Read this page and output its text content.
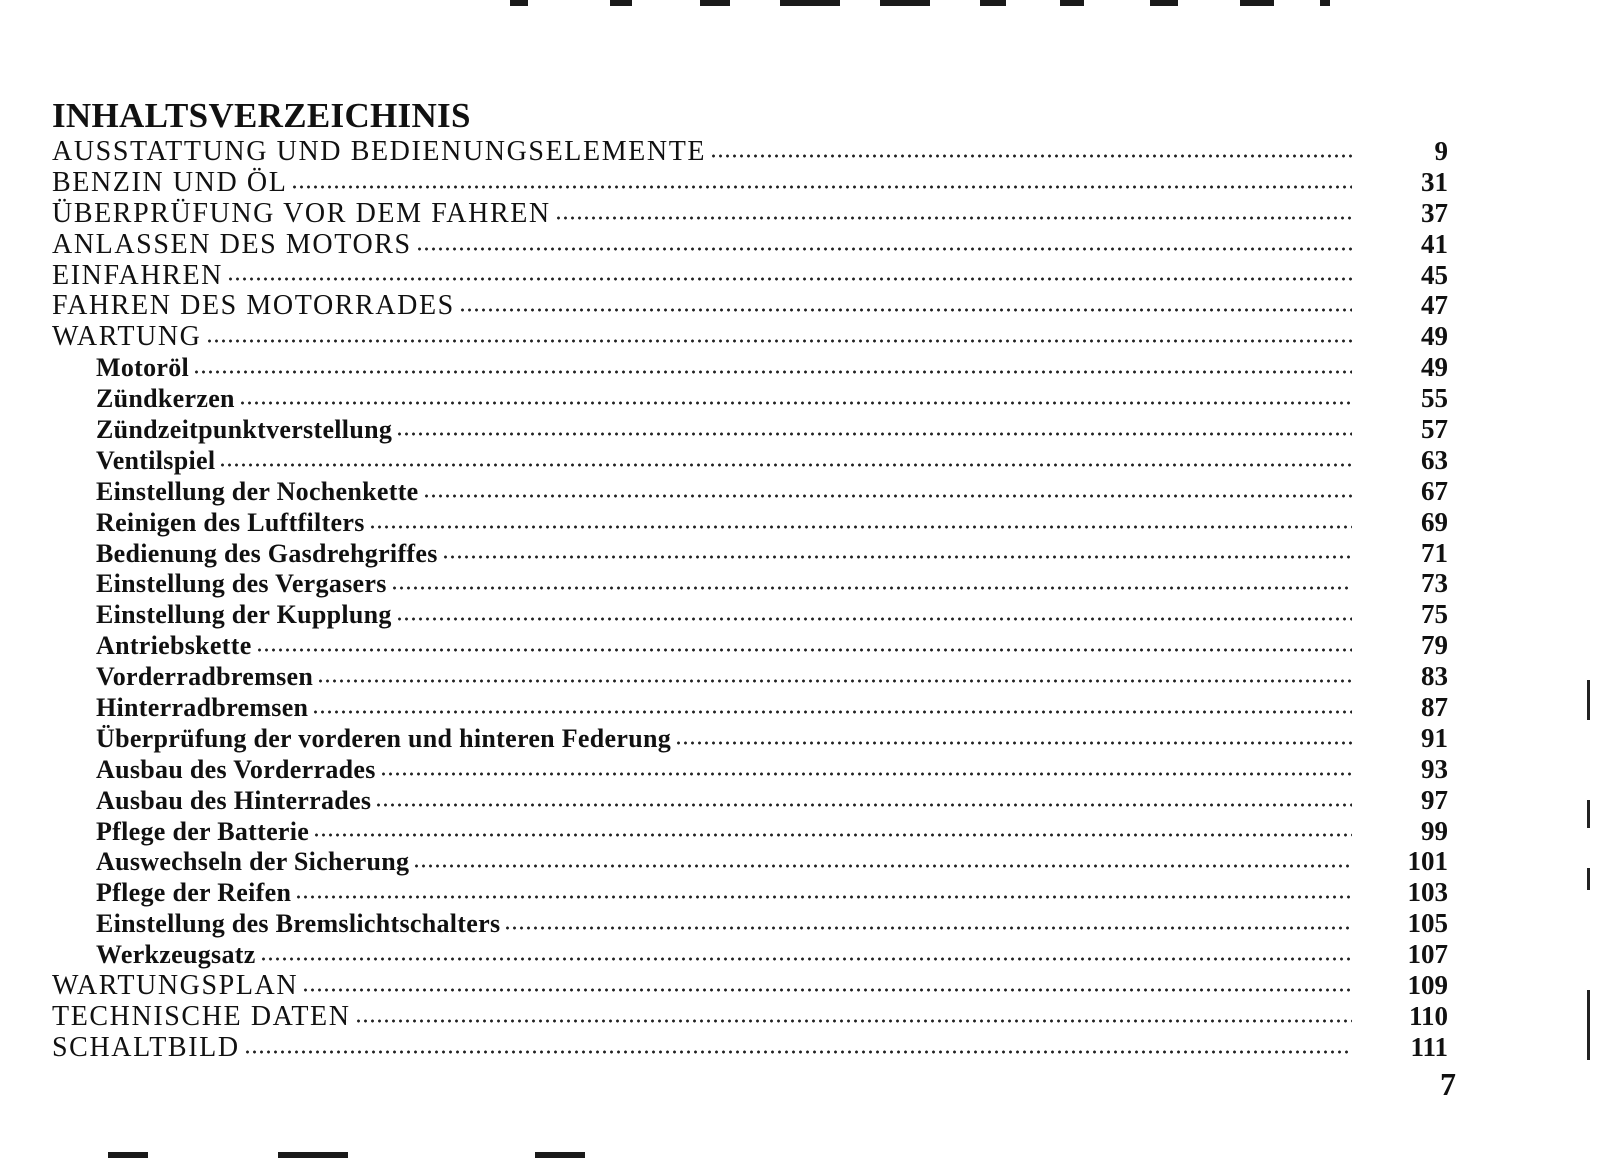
INHALTSVERZEICHINIS
AUSSTATTUNG UND BEDIENUNGSELEMENTE	9
BENZIN UND ÖL	31
ÜBERPRÜFUNG VOR DEM FAHREN	37
ANLASSEN DES MOTORS	41
EINFAHREN	45
FAHREN DES MOTORRADES	47
WARTUNG	49
Motoröl	49
Zündkerzen	55
Zündzeitpunktverstellung	57
Ventilspiel	63
Einstellung der Nochenkette	67
Reinigen des Luftfilters	69
Bedienung des Gasdrehgriffes	71
Einstellung des Vergasers	73
Einstellung der Kupplung	75
Antriebskette	79
Vorderradbremsen	83
Hinterradbremsen	87
Überprüfung der vorderen und hinteren Federung	91
Ausbau des Vorderrades	93
Ausbau des Hinterrades	97
Pflege der Batterie	99
Auswechseln der Sicherung	101
Pflege der Reifen	103
Einstellung des Bremslichtschalters	105
Werkzeugsatz	107
WARTUNGSPLAN	109
TECHNISCHE DATEN	110
SCHALTBILD	111
7
